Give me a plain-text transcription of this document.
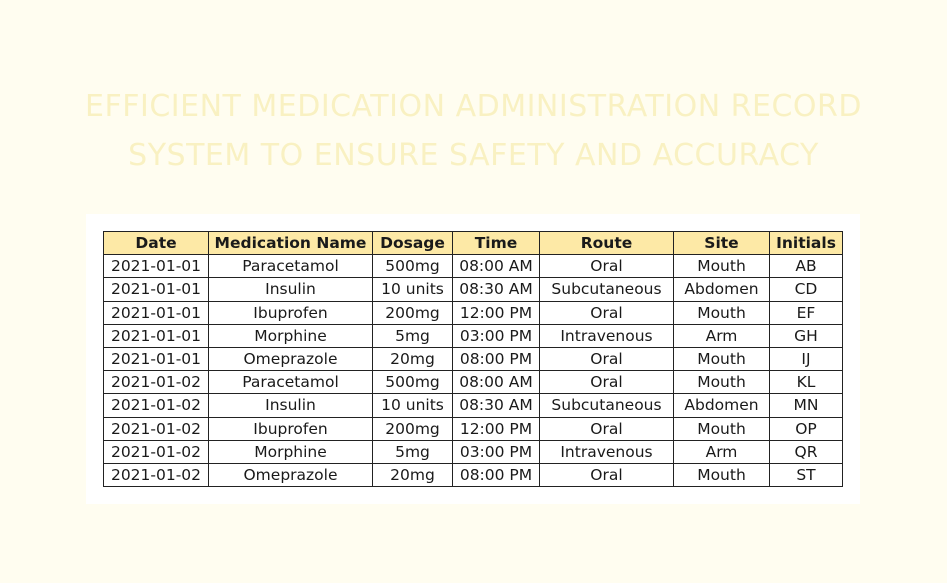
EFFICIENT MEDICATION ADMINISTRATION RECORD
SYSTEM TO ENSURE SAFETY AND ACCURACY
Date	Medication Name	Dosage	Time	Route	Site	Initials
2021-01-01	Paracetamol	500mg	08:00 AM	Oral	Mouth	AB
2021-01-01	Insulin	10 units	08:30 AM	Subcutaneous	Abdomen	CD
2021-01-01	Ibuprofen	200mg	12:00 PM	Oral	Mouth	EF
2021-01-01	Morphine	5mg	03:00 PM	Intravenous	Arm	GH
2021-01-01	Omeprazole	20mg	08:00 PM	Oral	Mouth	IJ
2021-01-02	Paracetamol	500mg	08:00 AM	Oral	Mouth	KL
2021-01-02	Insulin	10 units	08:30 AM	Subcutaneous	Abdomen	MN
2021-01-02	Ibuprofen	200mg	12:00 PM	Oral	Mouth	OP
2021-01-02	Morphine	5mg	03:00 PM	Intravenous	Arm	QR
2021-01-02	Omeprazole	20mg	08:00 PM	Oral	Mouth	ST
